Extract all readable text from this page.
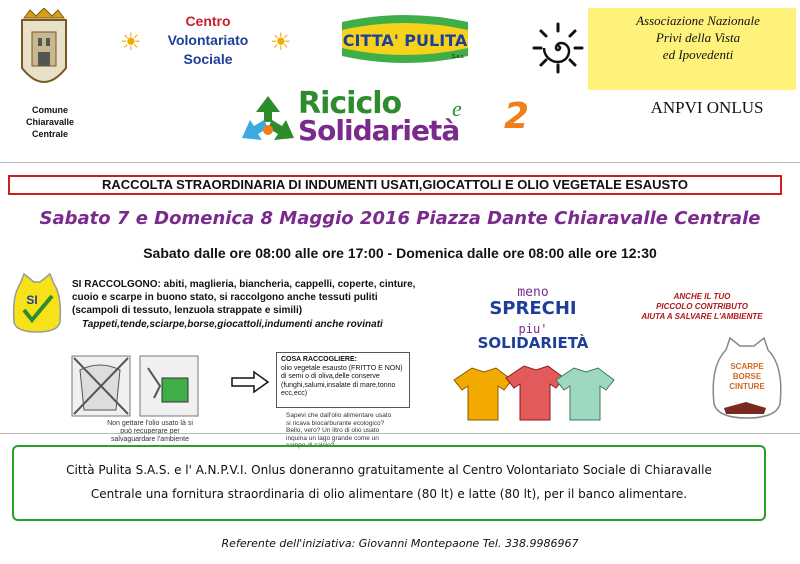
Comune
Chiaravalle
Centrale
☀	☀
Centro
Volontariato
Sociale
CITTA' PULITA
S.a.s.
Associazione Nazionale
Privi della Vista
ed Ipovedenti
ANPVI ONLUS
Riciclo e
Solidarietà 2
RACCOLTA STRAORDINARIA DI INDUMENTI USATI,GIOCATTOLI E OLIO VEGETALE ESAUSTO
Sabato 7 e Domenica 8 Maggio 2016 Piazza Dante Chiaravalle Centrale
Sabato dalle ore 08:00 alle ore 17:00 - Domenica dalle ore 08:00 alle ore 12:30
SI
SI RACCOLGONO: abiti, maglieria, biancheria, cappelli, coperte, cinture,
cuoio e scarpe in buono stato, si raccolgono anche tessuti puliti
(scampoli di tessuto, lenzuola strappate e simili)
Tappeti,tende,sciarpe,borse,giocattoli,indumenti anche rovinati
Non gettare l'olio usato là si può recuperare per salvaguardare l'ambiente
COSA RACCOGLIERE:
olio vegetale esausto (FRITTO E NON) di semi o di oliva,delle conserve (funghi,salumi,insalate di mare,tonno ecc,ecc)
Sapevi che dall'olio alimentare usato si ricava biocarburante ecologico? Bello, vero? Un litro di olio usato inquina un lago grande come un campo di calcio?
meno
SPRECHI
piu'
SOLIDARIETÀ
ANCHE IL TUO
PICCOLO CONTRIBUTO
AIUTA A SALVARE L'AMBIENTE
SCARPE
BORSE
CINTURE
Città Pulita S.A.S. e l' A.N.P.V.I. Onlus doneranno gratuitamente al Centro Volontariato Sociale di Chiaravalle
Centrale una fornitura straordinaria di olio alimentare (80 lt) e latte (80 lt), per il banco alimentare.
Referente dell'iniziativa: Giovanni Montepaone Tel. 338.9986967
